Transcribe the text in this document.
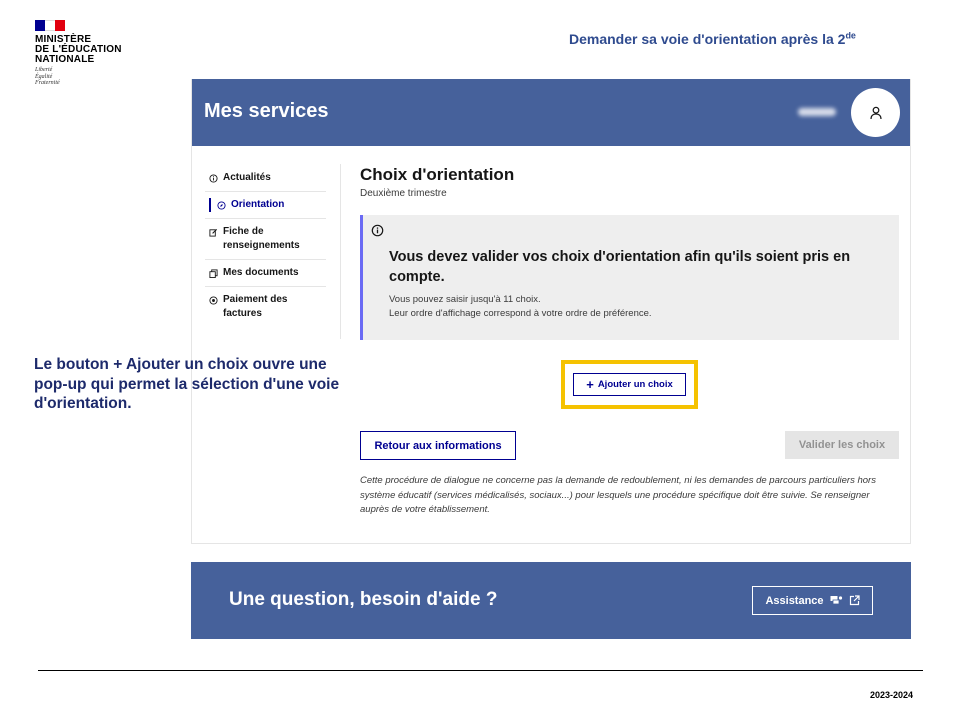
MINISTÈRE
DE L'ÉDUCATION
NATIONALE
Liberté
Égalité
Fraternité
Demander sa voie d'orientation après la 2de
Mes services
Actualités
Orientation
Fiche de renseignements
Mes documents
Paiement des factures
Choix d'orientation
Deuxième trimestre
Vous devez valider vos choix d'orientation afin qu'ils soient pris en compte.
Vous pouvez saisir jusqu'à 11 choix.
Leur ordre d'affichage correspond à votre ordre de préférence.
+ Ajouter un choix
Retour aux informations	Valider les choix

Cette procédure de dialogue ne concerne pas la demande de redoublement, ni les demandes de parcours particuliers hors système éducatif (services médicalisés, sociaux...) pour lesquels une procédure spécifique doit être suivie. Se renseigner auprès de votre établissement.

Une question, besoin d'aide ?	Assistance
Le bouton + Ajouter un choix ouvre une pop-up qui permet la sélection d'une voie d'orientation.
2023-2024
